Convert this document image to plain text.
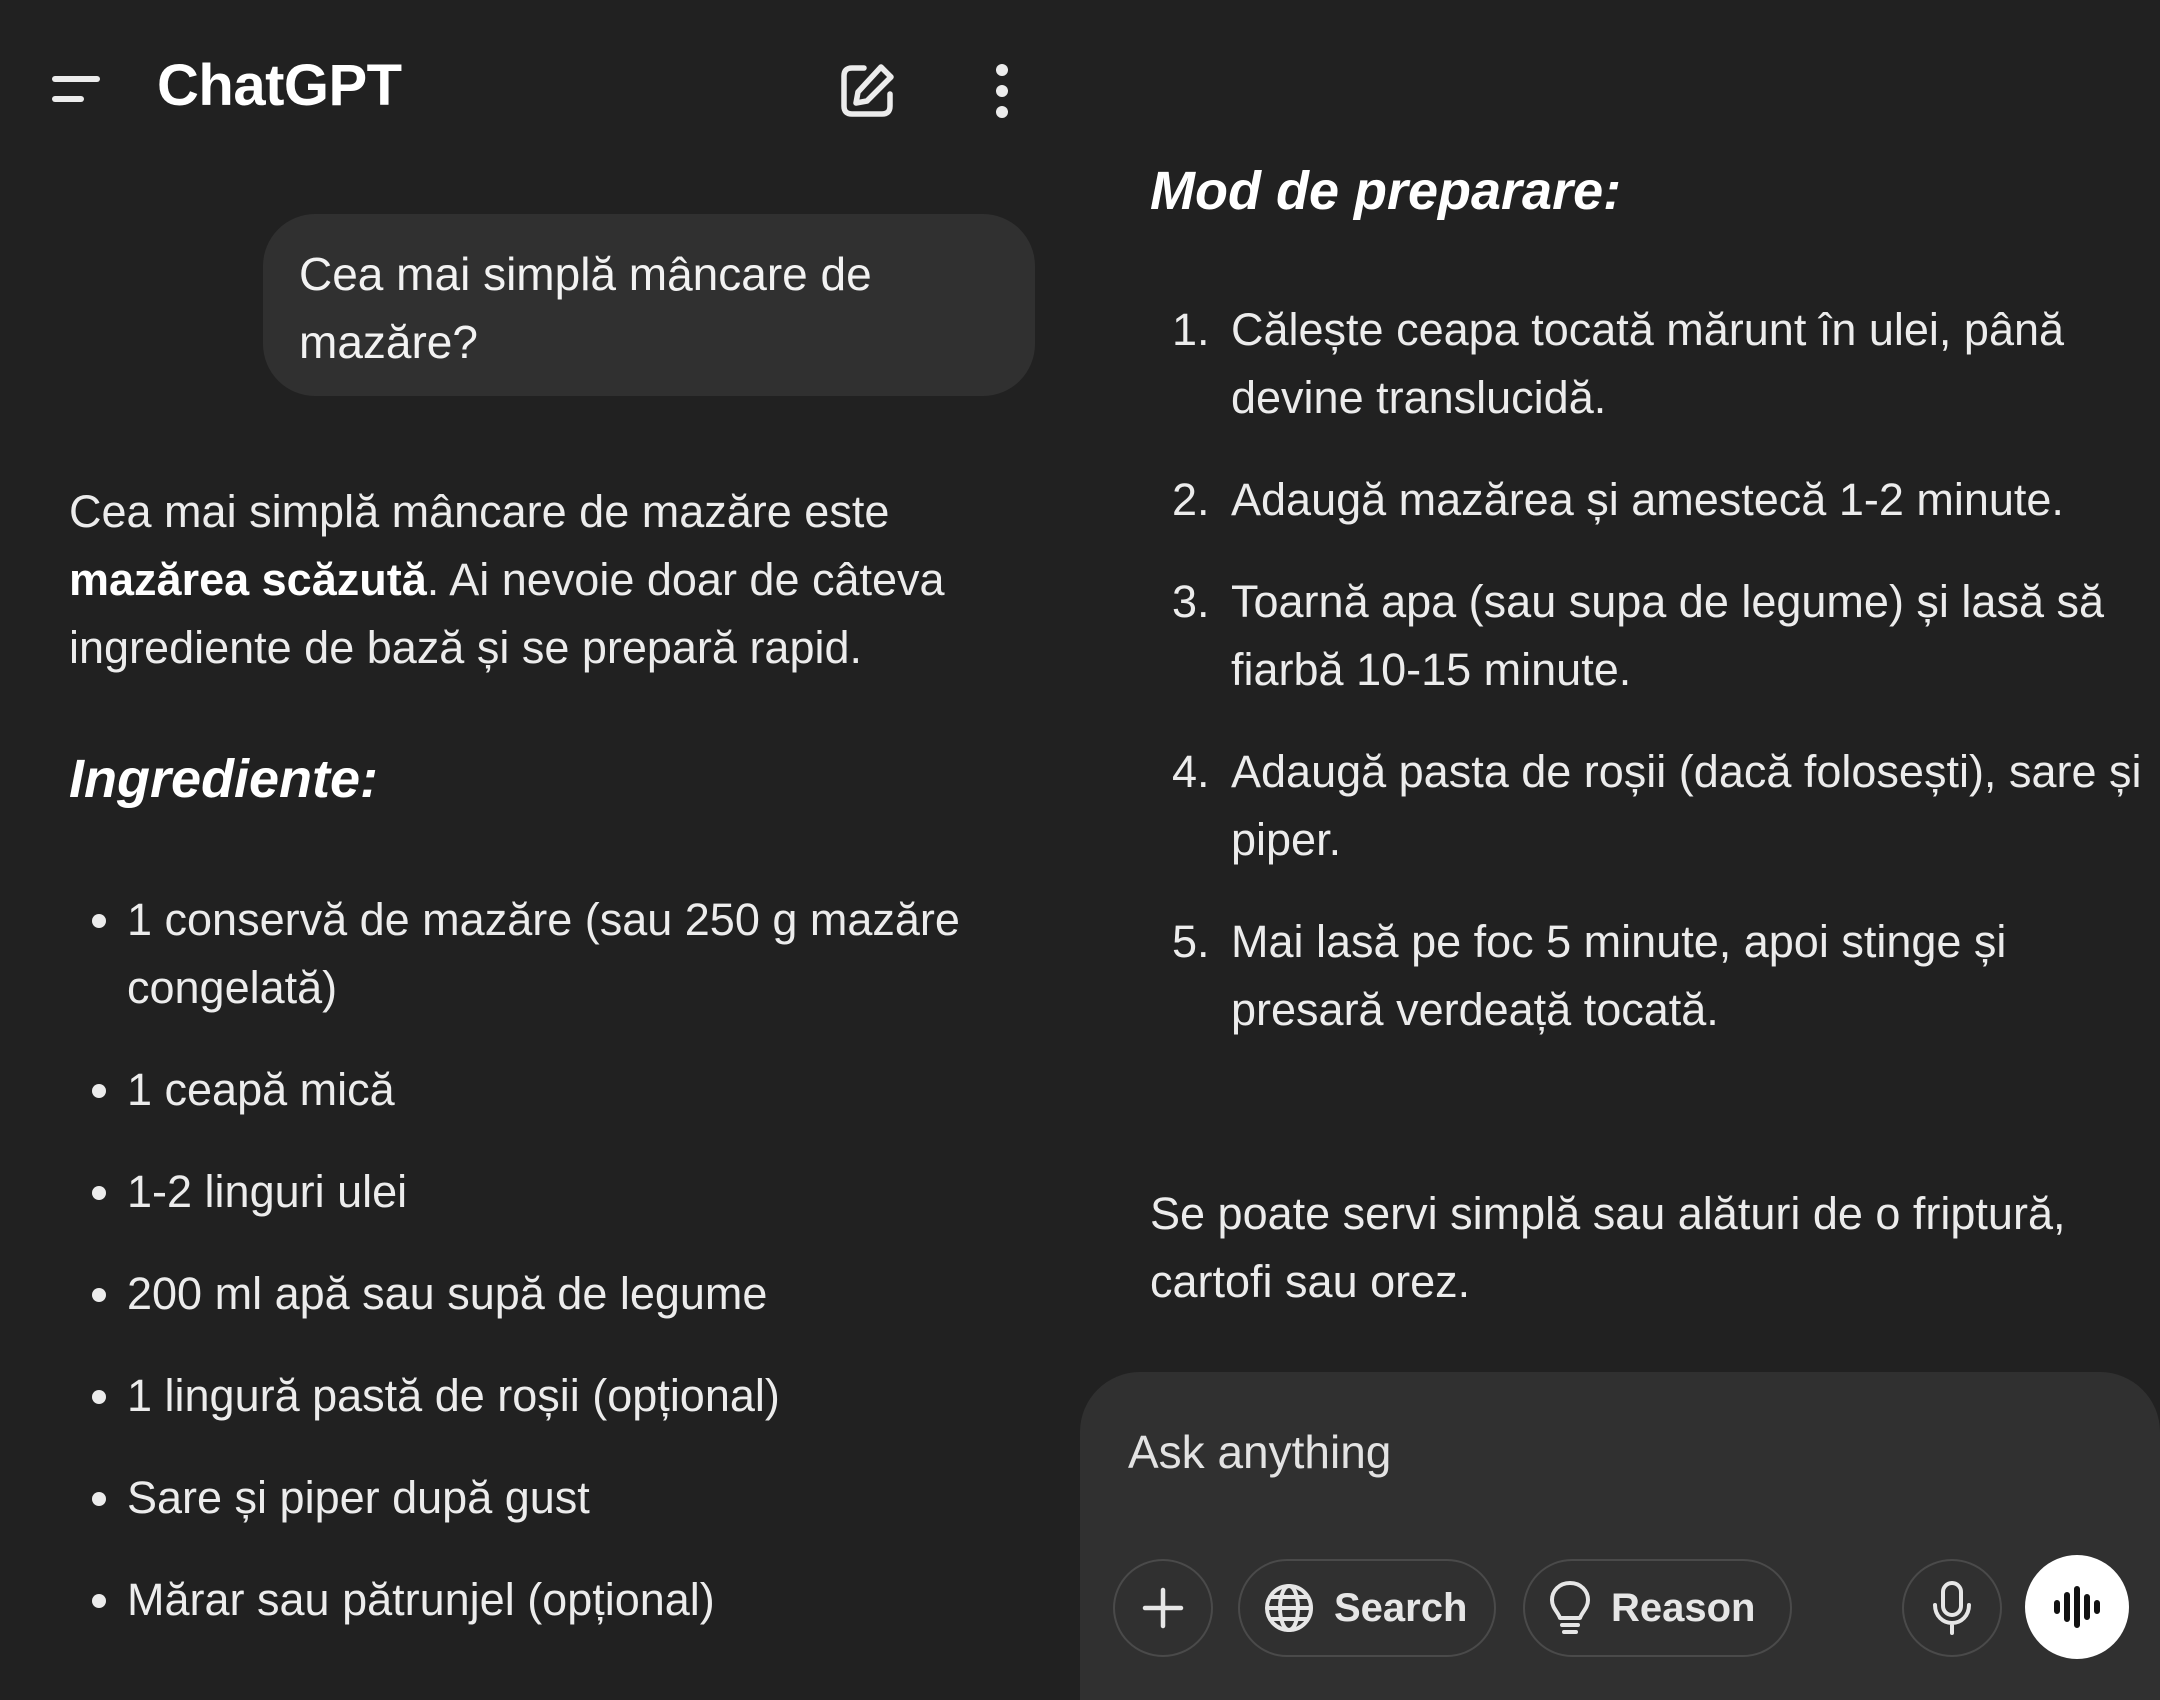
ChatGPT
Cea mai simplă mâncare de mazăre?
Cea mai simplă mâncare de mazăre este mazărea scăzută. Ai nevoie doar de câteva ingrediente de bază și se prepară rapid.
Ingrediente:
1 conservă de mazăre (sau 250 g mazăre congelată)
1 ceapă mică
1-2 linguri ulei
200 ml apă sau supă de legume
1 lingură pastă de roșii (opțional)
Sare și piper după gust
Mărar sau pătrunjel (opțional)
Mod de preparare:
1. Călește ceapa tocată mărunt în ulei, până devine translucidă.
2. Adaugă mazărea și amestecă 1-2 minute.
3. Toarnă apa (sau supa de legume) și lasă să fiarbă 10-15 minute.
4. Adaugă pasta de roșii (dacă folosești), sare și piper.
5. Mai lasă pe foc 5 minute, apoi stinge și presară verdeață tocată.
Se poate servi simplă sau alături de o friptură, cartofi sau orez.
Ask anything
Search	Reason
